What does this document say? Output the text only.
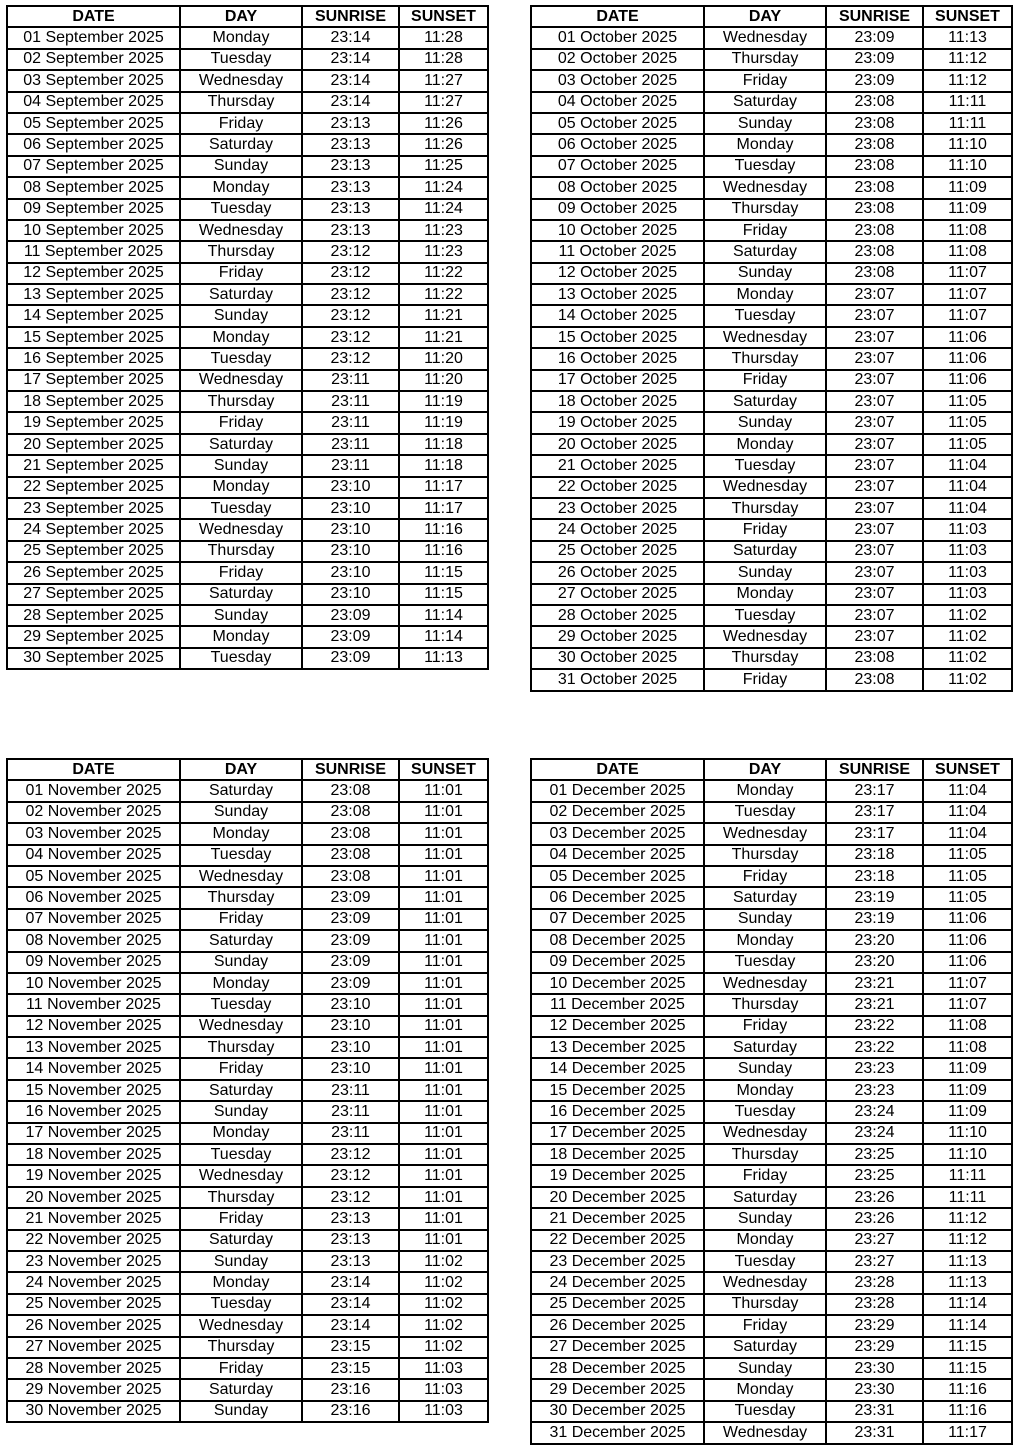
DATE	DAY	SUNRISE	SUNSET
01 September 2025	Monday	23:14	11:28
02 September 2025	Tuesday	23:14	11:28
03 September 2025	Wednesday	23:14	11:27
04 September 2025	Thursday	23:14	11:27
05 September 2025	Friday	23:13	11:26
06 September 2025	Saturday	23:13	11:26
07 September 2025	Sunday	23:13	11:25
08 September 2025	Monday	23:13	11:24
09 September 2025	Tuesday	23:13	11:24
10 September 2025	Wednesday	23:13	11:23
11 September 2025	Thursday	23:12	11:23
12 September 2025	Friday	23:12	11:22
13 September 2025	Saturday	23:12	11:22
14 September 2025	Sunday	23:12	11:21
15 September 2025	Monday	23:12	11:21
16 September 2025	Tuesday	23:12	11:20
17 September 2025	Wednesday	23:11	11:20
18 September 2025	Thursday	23:11	11:19
19 September 2025	Friday	23:11	11:19
20 September 2025	Saturday	23:11	11:18
21 September 2025	Sunday	23:11	11:18
22 September 2025	Monday	23:10	11:17
23 September 2025	Tuesday	23:10	11:17
24 September 2025	Wednesday	23:10	11:16
25 September 2025	Thursday	23:10	11:16
26 September 2025	Friday	23:10	11:15
27 September 2025	Saturday	23:10	11:15
28 September 2025	Sunday	23:09	11:14
29 September 2025	Monday	23:09	11:14
30 September 2025	Tuesday	23:09	11:13
DATE	DAY	SUNRISE	SUNSET
01 October 2025	Wednesday	23:09	11:13
02 October 2025	Thursday	23:09	11:12
03 October 2025	Friday	23:09	11:12
04 October 2025	Saturday	23:08	11:11
05 October 2025	Sunday	23:08	11:11
06 October 2025	Monday	23:08	11:10
07 October 2025	Tuesday	23:08	11:10
08 October 2025	Wednesday	23:08	11:09
09 October 2025	Thursday	23:08	11:09
10 October 2025	Friday	23:08	11:08
11 October 2025	Saturday	23:08	11:08
12 October 2025	Sunday	23:08	11:07
13 October 2025	Monday	23:07	11:07
14 October 2025	Tuesday	23:07	11:07
15 October 2025	Wednesday	23:07	11:06
16 October 2025	Thursday	23:07	11:06
17 October 2025	Friday	23:07	11:06
18 October 2025	Saturday	23:07	11:05
19 October 2025	Sunday	23:07	11:05
20 October 2025	Monday	23:07	11:05
21 October 2025	Tuesday	23:07	11:04
22 October 2025	Wednesday	23:07	11:04
23 October 2025	Thursday	23:07	11:04
24 October 2025	Friday	23:07	11:03
25 October 2025	Saturday	23:07	11:03
26 October 2025	Sunday	23:07	11:03
27 October 2025	Monday	23:07	11:03
28 October 2025	Tuesday	23:07	11:02
29 October 2025	Wednesday	23:07	11:02
30 October 2025	Thursday	23:08	11:02
31 October 2025	Friday	23:08	11:02
DATE	DAY	SUNRISE	SUNSET
01 November 2025	Saturday	23:08	11:01
02 November 2025	Sunday	23:08	11:01
03 November 2025	Monday	23:08	11:01
04 November 2025	Tuesday	23:08	11:01
05 November 2025	Wednesday	23:08	11:01
06 November 2025	Thursday	23:09	11:01
07 November 2025	Friday	23:09	11:01
08 November 2025	Saturday	23:09	11:01
09 November 2025	Sunday	23:09	11:01
10 November 2025	Monday	23:09	11:01
11 November 2025	Tuesday	23:10	11:01
12 November 2025	Wednesday	23:10	11:01
13 November 2025	Thursday	23:10	11:01
14 November 2025	Friday	23:10	11:01
15 November 2025	Saturday	23:11	11:01
16 November 2025	Sunday	23:11	11:01
17 November 2025	Monday	23:11	11:01
18 November 2025	Tuesday	23:12	11:01
19 November 2025	Wednesday	23:12	11:01
20 November 2025	Thursday	23:12	11:01
21 November 2025	Friday	23:13	11:01
22 November 2025	Saturday	23:13	11:01
23 November 2025	Sunday	23:13	11:02
24 November 2025	Monday	23:14	11:02
25 November 2025	Tuesday	23:14	11:02
26 November 2025	Wednesday	23:14	11:02
27 November 2025	Thursday	23:15	11:02
28 November 2025	Friday	23:15	11:03
29 November 2025	Saturday	23:16	11:03
30 November 2025	Sunday	23:16	11:03
DATE	DAY	SUNRISE	SUNSET
01 December 2025	Monday	23:17	11:04
02 December 2025	Tuesday	23:17	11:04
03 December 2025	Wednesday	23:17	11:04
04 December 2025	Thursday	23:18	11:05
05 December 2025	Friday	23:18	11:05
06 December 2025	Saturday	23:19	11:05
07 December 2025	Sunday	23:19	11:06
08 December 2025	Monday	23:20	11:06
09 December 2025	Tuesday	23:20	11:06
10 December 2025	Wednesday	23:21	11:07
11 December 2025	Thursday	23:21	11:07
12 December 2025	Friday	23:22	11:08
13 December 2025	Saturday	23:22	11:08
14 December 2025	Sunday	23:23	11:09
15 December 2025	Monday	23:23	11:09
16 December 2025	Tuesday	23:24	11:09
17 December 2025	Wednesday	23:24	11:10
18 December 2025	Thursday	23:25	11:10
19 December 2025	Friday	23:25	11:11
20 December 2025	Saturday	23:26	11:11
21 December 2025	Sunday	23:26	11:12
22 December 2025	Monday	23:27	11:12
23 December 2025	Tuesday	23:27	11:13
24 December 2025	Wednesday	23:28	11:13
25 December 2025	Thursday	23:28	11:14
26 December 2025	Friday	23:29	11:14
27 December 2025	Saturday	23:29	11:15
28 December 2025	Sunday	23:30	11:15
29 December 2025	Monday	23:30	11:16
30 December 2025	Tuesday	23:31	11:16
31 December 2025	Wednesday	23:31	11:17
